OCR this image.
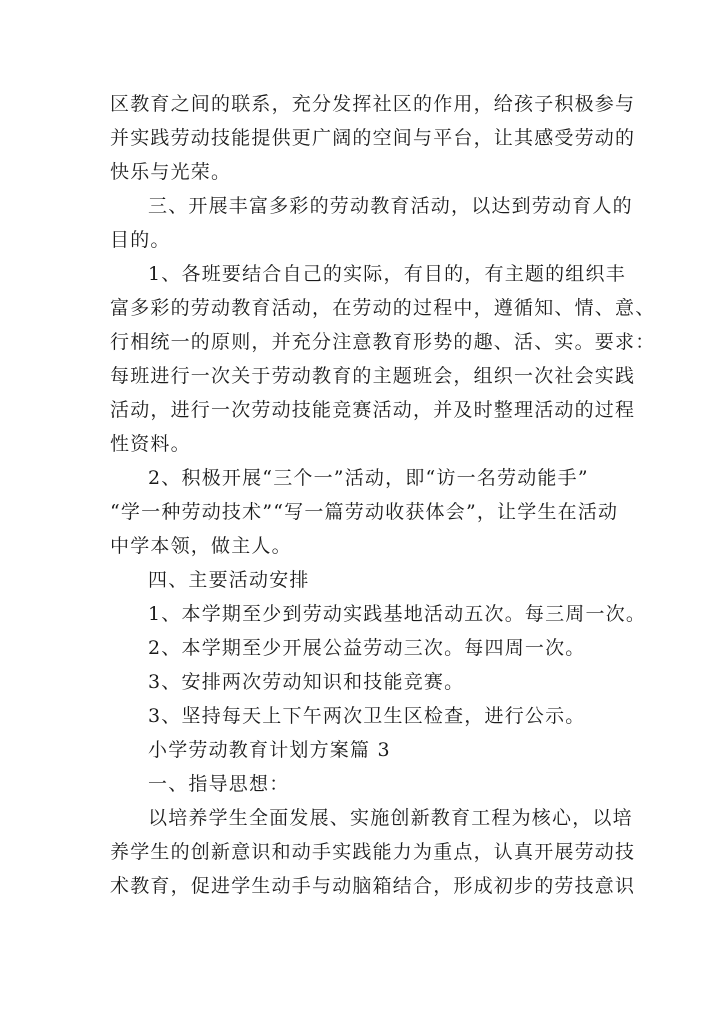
区教育之间的联系，充分发挥社区的作用，给孩子积极参与
并实践劳动技能提供更广阔的空间与平台，让其感受劳动的
快乐与光荣。
三、开展丰富多彩的劳动教育活动，以达到劳动育人的
目的。
1、各班要结合自己的实际，有目的，有主题的组织丰
富多彩的劳动教育活动，在劳动的过程中，遵循知、情、意、
行相统一的原则，并充分注意教育形势的趣、活、实。要求：
每班进行一次关于劳动教育的主题班会，组织一次社会实践
活动，进行一次劳动技能竞赛活动，并及时整理活动的过程
性资料。
2、积极开展“三个一”活动，即“访一名劳动能手”
“学一种劳动技术”“写一篇劳动收获体会”，让学生在活动
中学本领，做主人。
四、主要活动安排
1、本学期至少到劳动实践基地活动五次。每三周一次。
2、本学期至少开展公益劳动三次。每四周一次。
3、安排两次劳动知识和技能竞赛。
3、坚持每天上下午两次卫生区检查，进行公示。
小学劳动教育计划方案篇 3
一、指导思想：
以培养学生全面发展、实施创新教育工程为核心，以培
养学生的创新意识和动手实践能力为重点，认真开展劳动技
术教育，促进学生动手与动脑箱结合，形成初步的劳技意识
